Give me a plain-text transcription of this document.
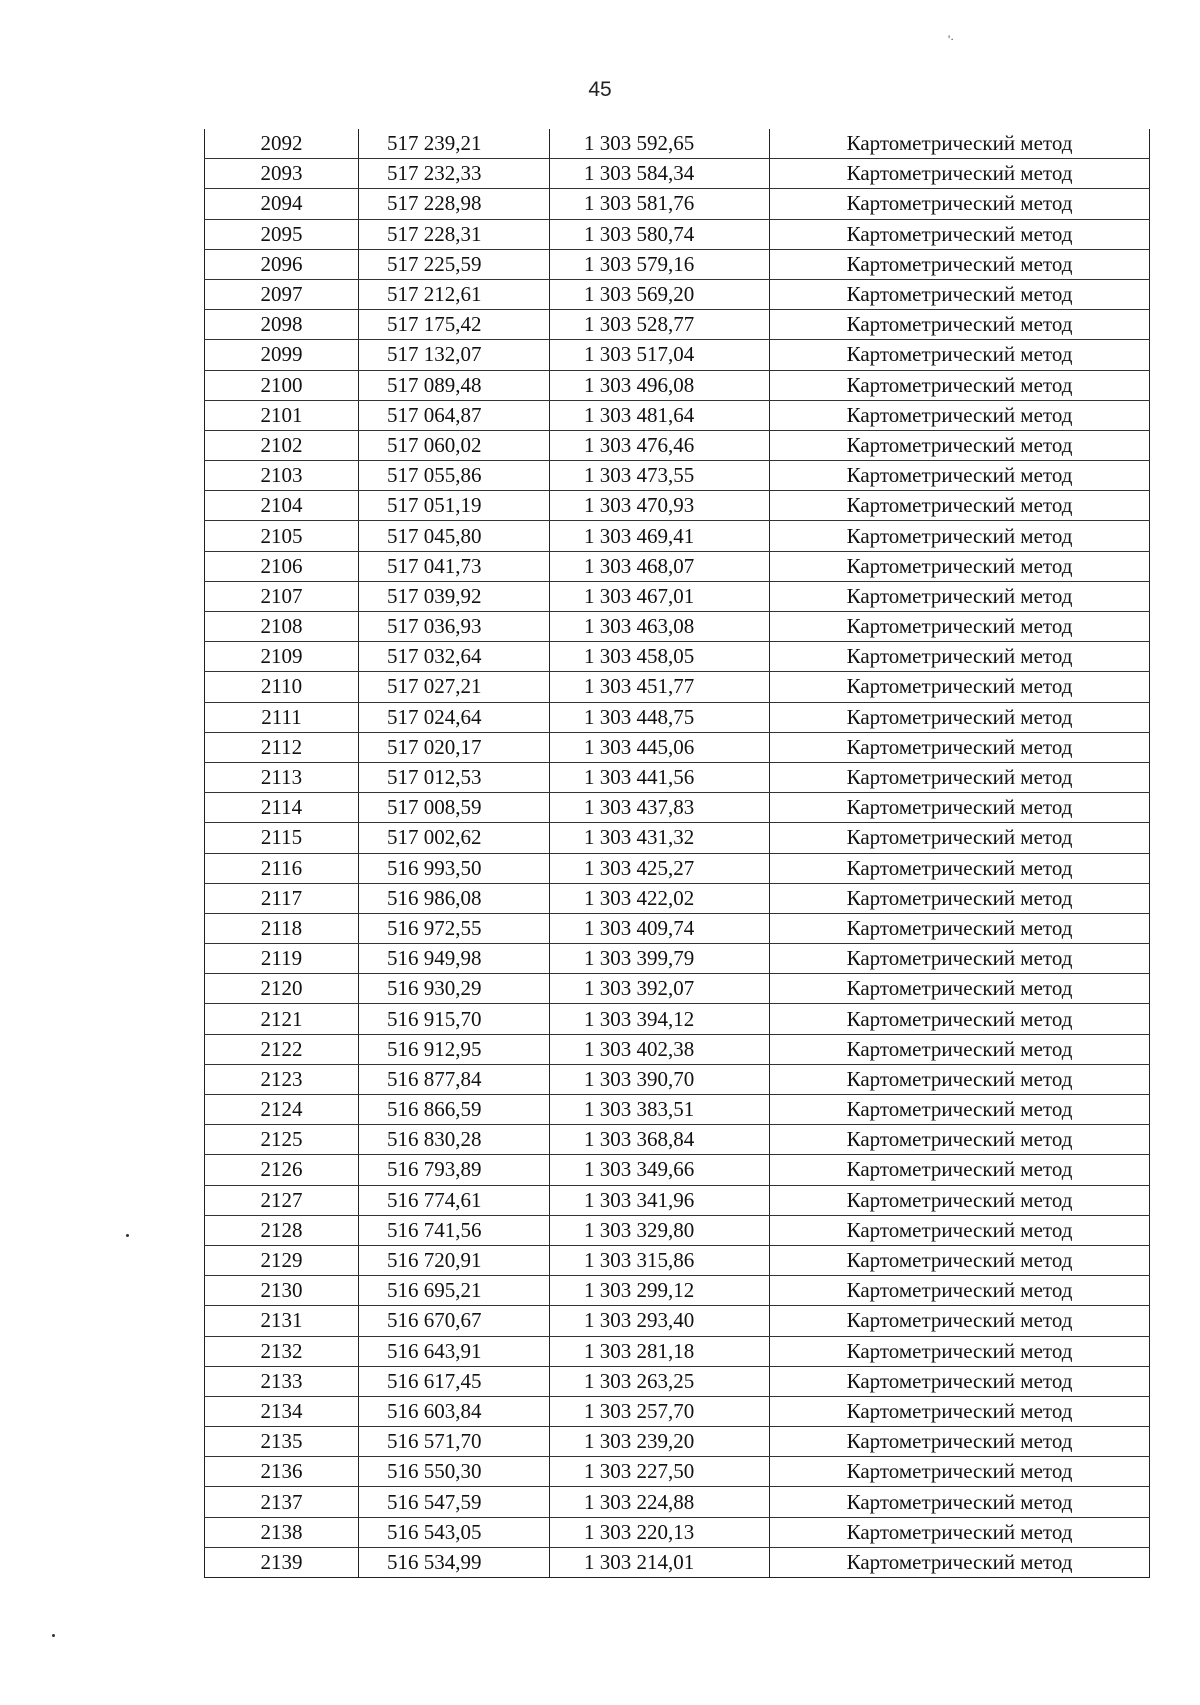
'·
45
2092	517 239,21	1 303 592,65	Картометрический метод
2093	517 232,33	1 303 584,34	Картометрический метод
2094	517 228,98	1 303 581,76	Картометрический метод
2095	517 228,31	1 303 580,74	Картометрический метод
2096	517 225,59	1 303 579,16	Картометрический метод
2097	517 212,61	1 303 569,20	Картометрический метод
2098	517 175,42	1 303 528,77	Картометрический метод
2099	517 132,07	1 303 517,04	Картометрический метод
2100	517 089,48	1 303 496,08	Картометрический метод
2101	517 064,87	1 303 481,64	Картометрический метод
2102	517 060,02	1 303 476,46	Картометрический метод
2103	517 055,86	1 303 473,55	Картометрический метод
2104	517 051,19	1 303 470,93	Картометрический метод
2105	517 045,80	1 303 469,41	Картометрический метод
2106	517 041,73	1 303 468,07	Картометрический метод
2107	517 039,92	1 303 467,01	Картометрический метод
2108	517 036,93	1 303 463,08	Картометрический метод
2109	517 032,64	1 303 458,05	Картометрический метод
2110	517 027,21	1 303 451,77	Картометрический метод
2111	517 024,64	1 303 448,75	Картометрический метод
2112	517 020,17	1 303 445,06	Картометрический метод
2113	517 012,53	1 303 441,56	Картометрический метод
2114	517 008,59	1 303 437,83	Картометрический метод
2115	517 002,62	1 303 431,32	Картометрический метод
2116	516 993,50	1 303 425,27	Картометрический метод
2117	516 986,08	1 303 422,02	Картометрический метод
2118	516 972,55	1 303 409,74	Картометрический метод
2119	516 949,98	1 303 399,79	Картометрический метод
2120	516 930,29	1 303 392,07	Картометрический метод
2121	516 915,70	1 303 394,12	Картометрический метод
2122	516 912,95	1 303 402,38	Картометрический метод
2123	516 877,84	1 303 390,70	Картометрический метод
2124	516 866,59	1 303 383,51	Картометрический метод
2125	516 830,28	1 303 368,84	Картометрический метод
2126	516 793,89	1 303 349,66	Картометрический метод
2127	516 774,61	1 303 341,96	Картометрический метод
2128	516 741,56	1 303 329,80	Картометрический метод
2129	516 720,91	1 303 315,86	Картометрический метод
2130	516 695,21	1 303 299,12	Картометрический метод
2131	516 670,67	1 303 293,40	Картометрический метод
2132	516 643,91	1 303 281,18	Картометрический метод
2133	516 617,45	1 303 263,25	Картометрический метод
2134	516 603,84	1 303 257,70	Картометрический метод
2135	516 571,70	1 303 239,20	Картометрический метод
2136	516 550,30	1 303 227,50	Картометрический метод
2137	516 547,59	1 303 224,88	Картометрический метод
2138	516 543,05	1 303 220,13	Картометрический метод
2139	516 534,99	1 303 214,01	Картометрический метод
